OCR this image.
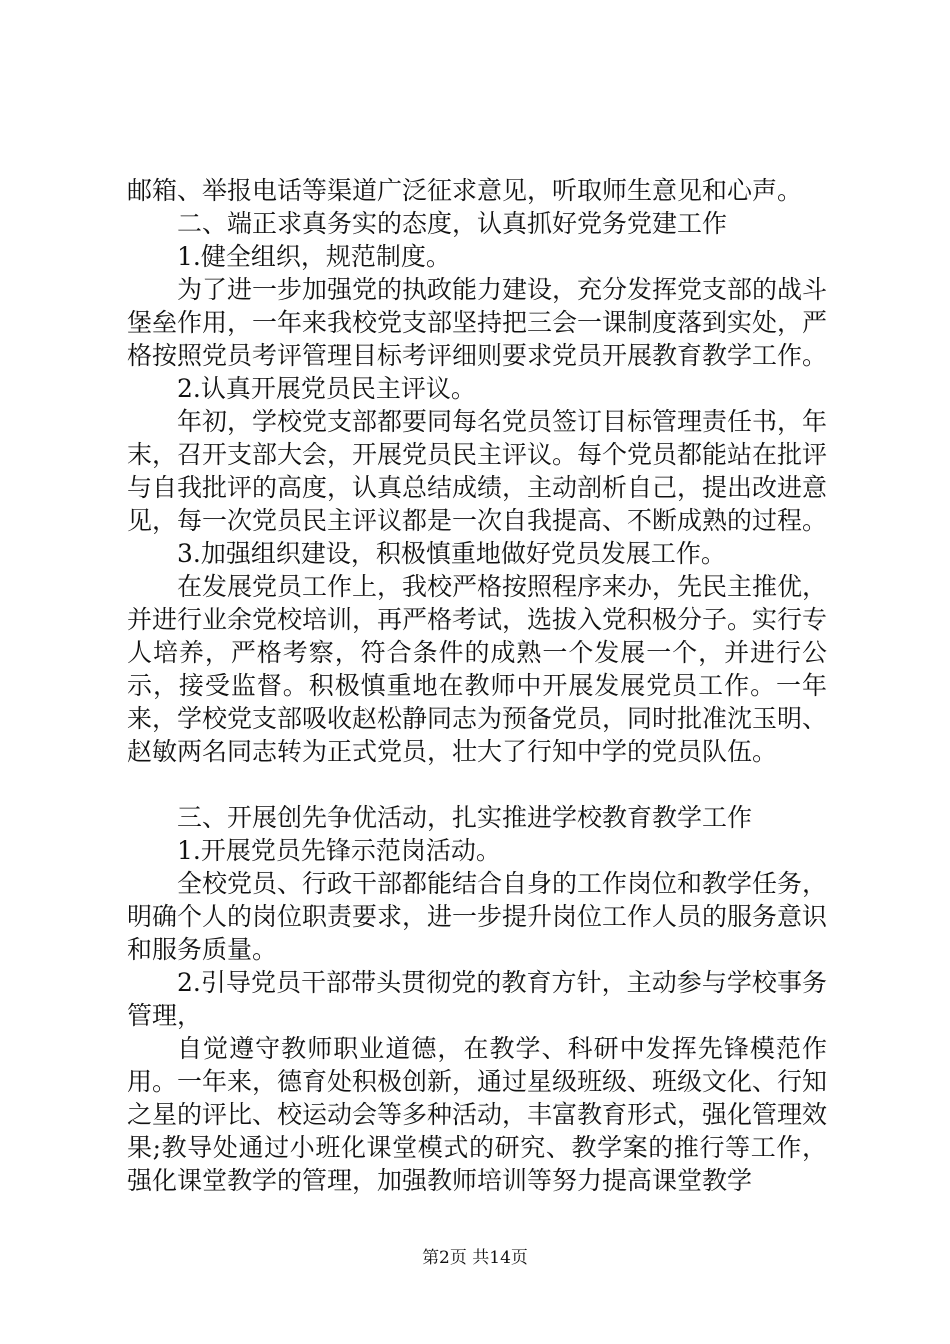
邮箱、举报电话等渠道广泛征求意见，听取师生意见和心声。

二、端正求真务实的态度，认真抓好党务党建工作

1.健全组织，规范制度。

为了进一步加强党的执政能力建设，充分发挥党支部的战斗堡垒作用，一年来我校党支部坚持把三会一课制度落到实处，严格按照党员考评管理目标考评细则要求党员开展教育教学工作。

2.认真开展党员民主评议。

年初，学校党支部都要同每名党员签订目标管理责任书，年末，召开支部大会，开展党员民主评议。每个党员都能站在批评与自我批评的高度，认真总结成绩，主动剖析自己，提出改进意见，每一次党员民主评议都是一次自我提高、不断成熟的过程。

3.加强组织建设，积极慎重地做好党员发展工作。

在发展党员工作上，我校严格按照程序来办，先民主推优，并进行业余党校培训，再严格考试，选拔入党积极分子。实行专人培养，严格考察，符合条件的成熟一个发展一个，并进行公示，接受监督。积极慎重地在教师中开展发展党员工作。一年来，学校党支部吸收赵松静同志为预备党员，同时批准沈玉明、赵敏两名同志转为正式党员，壮大了行知中学的党员队伍。

三、开展创先争优活动，扎实推进学校教育教学工作

1.开展党员先锋示范岗活动。

全校党员、行政干部都能结合自身的工作岗位和教学任务，明确个人的岗位职责要求，进一步提升岗位工作人员的服务意识和服务质量。

2.引导党员干部带头贯彻党的教育方针，主动参与学校事务管理，

自觉遵守教师职业道德，在教学、科研中发挥先锋模范作用。一年来，德育处积极创新，通过星级班级、班级文化、行知之星的评比、校运动会等多种活动，丰富教育形式，强化管理效果;教导处通过小班化课堂模式的研究、教学案的推行等工作，强化课堂教学的管理，加强教师培训等努力提高课堂教学

第2页 共14页
